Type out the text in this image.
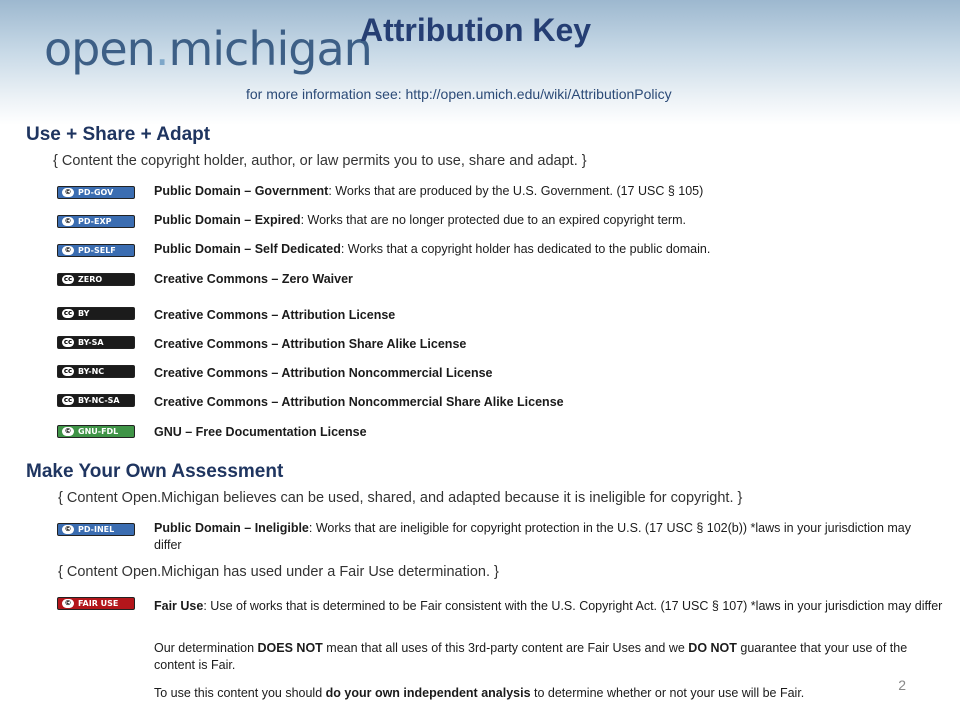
open.michigan
Attribution Key
for more information see: http://open.umich.edu/wiki/AttributionPolicy
Use + Share + Adapt
{ Content the copyright holder, author, or law permits you to use, share and adapt. }
© PD-GOV	Public Domain – Government: Works that are produced by the U.S. Government. (17 USC § 105)
© PD-EXP	Public Domain – Expired: Works that are no longer protected due to an expired copyright term.
© PD-SELF	Public Domain – Self Dedicated: Works that a copyright holder has dedicated to the public domain.
cc ZERO	Creative Commons – Zero Waiver
cc BY	Creative Commons – Attribution License
cc BY-SA	Creative Commons – Attribution Share Alike License
cc BY-NC	Creative Commons – Attribution Noncommercial License
cc BY-NC-SA	Creative Commons – Attribution Noncommercial Share Alike License
© GNU-FDL	GNU – Free Documentation License
Make Your Own Assessment
{ Content Open.Michigan believes can be used, shared, and adapted because it is ineligible for copyright. }
© PD-INEL	Public Domain – Ineligible: Works that are ineligible for copyright protection in the U.S. (17 USC § 102(b)) *laws in your jurisdiction may differ
{ Content Open.Michigan has used under a Fair Use determination. }
© FAIR USE	Fair Use: Use of works that is determined to be Fair consistent with the U.S. Copyright Act. (17 USC § 107) *laws in your jurisdiction may differ
Our determination DOES NOT mean that all uses of this 3rd-party content are Fair Uses and we DO NOT guarantee that your use of the content is Fair.
To use this content you should do your own independent analysis to determine whether or not your use will be Fair.	2
